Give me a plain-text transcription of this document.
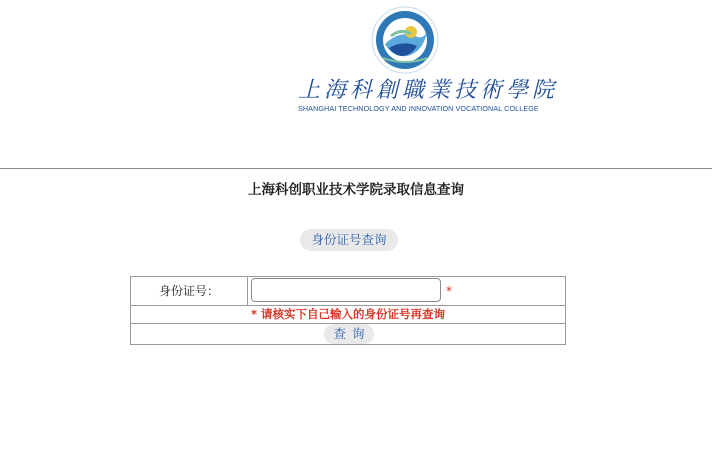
上海科創職業技術學院
SHANGHAI TECHNOLOGY AND INNOVATION VOCATIONAL COLLEGE
上海科创职业技术学院录取信息查询
身份证号查询
身份证号：	*
* 请核实下自己输入的身份证号再查询
查询
